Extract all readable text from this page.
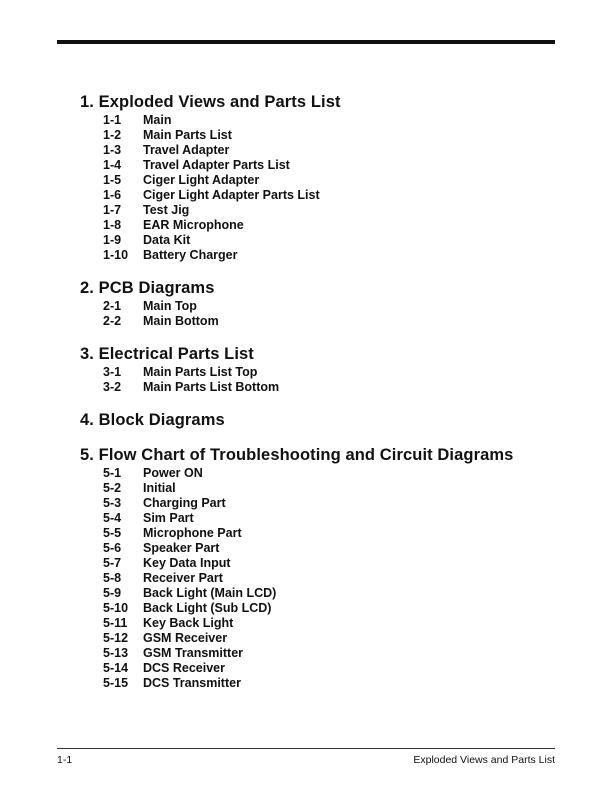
1. Exploded Views and Parts List
1-1	Main
1-2	Main Parts List
1-3	Travel Adapter
1-4	Travel Adapter Parts List
1-5	Ciger Light Adapter
1-6	Ciger Light Adapter Parts List
1-7	Test Jig
1-8	EAR Microphone
1-9	Data Kit
1-10	Battery Charger
2. PCB Diagrams
2-1	Main Top
2-2	Main Bottom
3. Electrical Parts List
3-1	Main Parts List Top
3-2	Main Parts List Bottom
4. Block Diagrams
5. Flow Chart of Troubleshooting and Circuit Diagrams
5-1	Power ON
5-2	Initial
5-3	Charging Part
5-4	Sim Part
5-5	Microphone Part
5-6	Speaker Part
5-7	Key Data Input
5-8	Receiver Part
5-9	Back Light (Main LCD)
5-10	Back Light (Sub LCD)
5-11	Key Back Light
5-12	GSM Receiver
5-13	GSM Transmitter
5-14	DCS Receiver
5-15	DCS Transmitter
1-1	Exploded Views and Parts List
